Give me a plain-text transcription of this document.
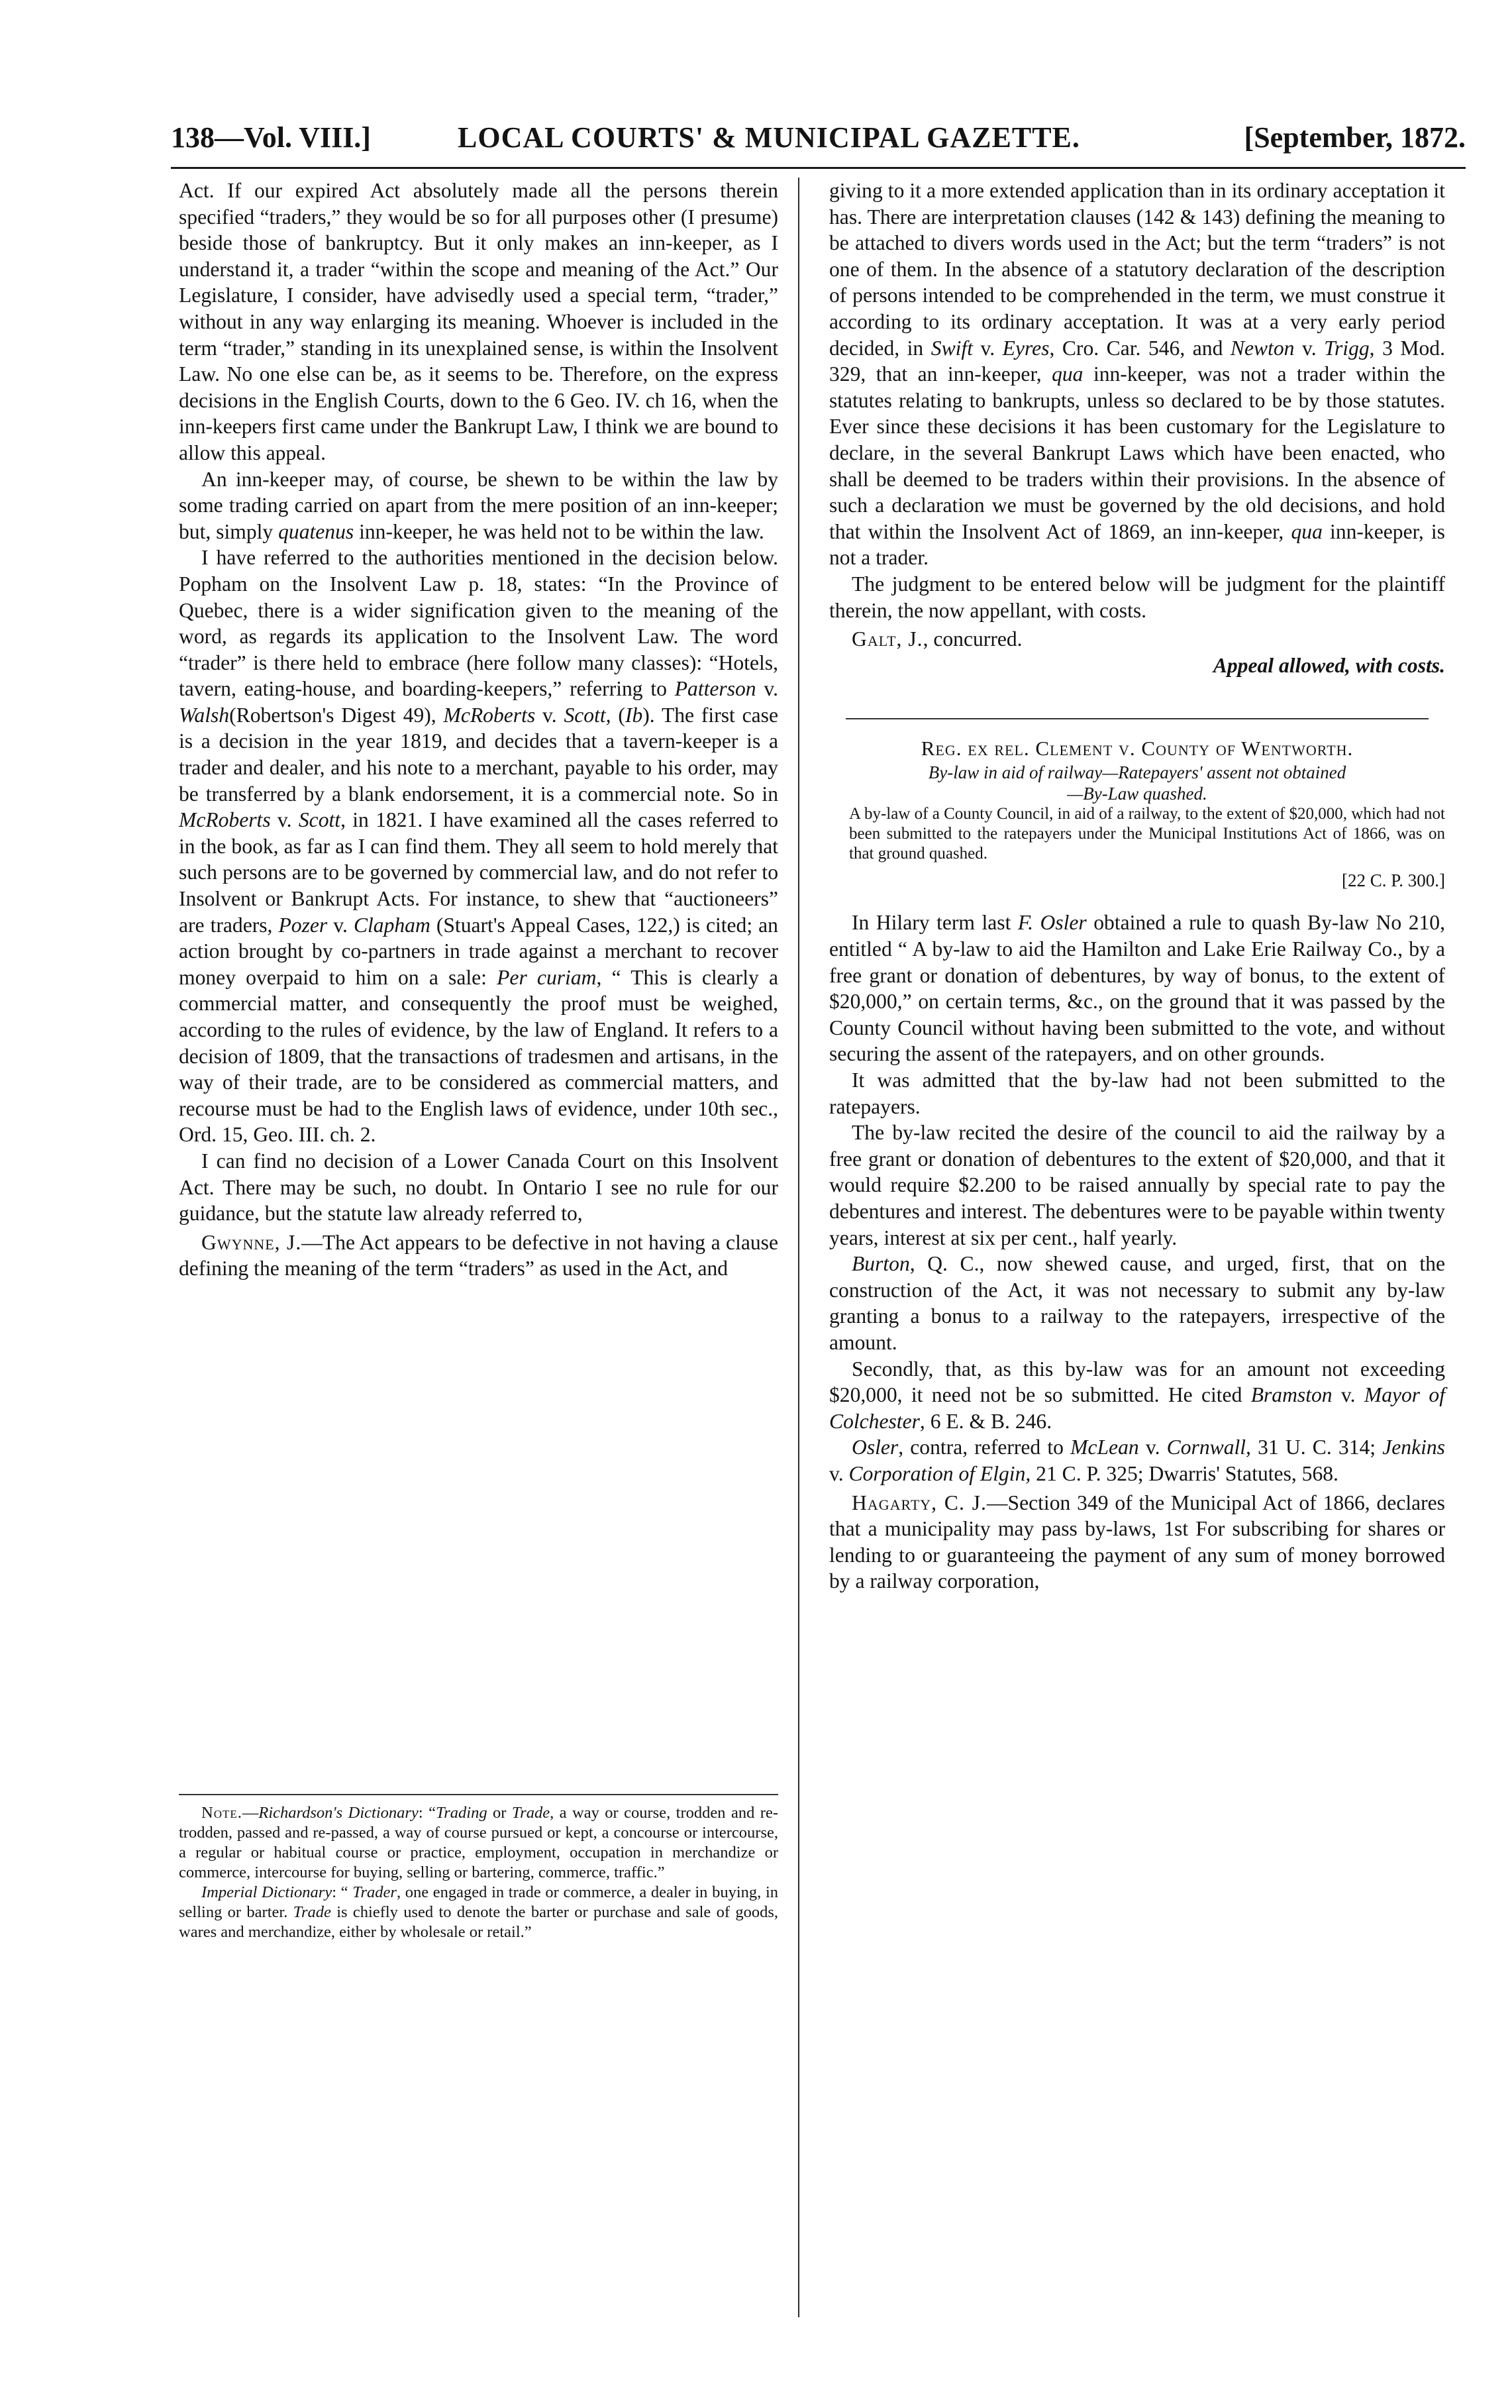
138—Vol. VIII.]	LOCAL COURTS' & MUNICIPAL GAZETTE.	[September, 1872.

Act. If our expired Act absolutely made all the persons therein specified “traders,” they would be so for all purposes other (I presume) beside those of bankruptcy. But it only makes an inn-keeper, as I understand it, a trader “within the scope and meaning of the Act.” Our Legislature, I consider, have advisedly used a special term, “trader,” without in any way enlarging its meaning. Whoever is included in the term “trader,” standing in its unexplained sense, is within the Insolvent Law. No one else can be, as it seems to be. Therefore, on the express decisions in the English Courts, down to the 6 Geo. IV. ch 16, when the inn-keepers first came under the Bankrupt Law, I think we are bound to allow this appeal.

An inn-keeper may, of course, be shewn to be within the law by some trading carried on apart from the mere position of an inn-keeper; but, simply quatenus inn-keeper, he was held not to be within the law.

I have referred to the authorities mentioned in the decision below. Popham on the Insolvent Law p. 18, states: “In the Province of Quebec, there is a wider signification given to the meaning of the word, as regards its application to the Insolvent Law. The word “trader” is there held to embrace (here follow many classes): “Hotels, tavern, eating-house, and boarding-keepers,” referring to Patterson v. Walsh(Robertson's Digest 49), McRoberts v. Scott, (Ib). The first case is a decision in the year 1819, and decides that a tavern-keeper is a trader and dealer, and his note to a merchant, payable to his order, may be transferred by a blank endorsement, it is a commercial note. So in McRoberts v. Scott, in 1821. I have examined all the cases referred to in the book, as far as I can find them. They all seem to hold merely that such persons are to be governed by commercial law, and do not refer to Insolvent or Bankrupt Acts. For instance, to shew that “auctioneers” are traders, Pozer v. Clapham (Stuart's Appeal Cases, 122,) is cited; an action brought by co-partners in trade against a merchant to recover money overpaid to him on a sale: Per curiam, “ This is clearly a commercial matter, and consequently the proof must be weighed, according to the rules of evidence, by the law of England. It refers to a decision of 1809, that the transactions of tradesmen and artisans, in the way of their trade, are to be considered as commercial matters, and recourse must be had to the English laws of evidence, under 10th sec., Ord. 15, Geo. III. ch. 2.

I can find no decision of a Lower Canada Court on this Insolvent Act. There may be such, no doubt. In Ontario I see no rule for our guidance, but the statute law already referred to,

Gwynne, J.—The Act appears to be defective in not having a clause defining the meaning of the term “traders” as used in the Act, and

Note.—Richardson's Dictionary: “Trading or Trade, a way or course, trodden and re-trodden, passed and re-passed, a way of course pursued or kept, a concourse or intercourse, a regular or habitual course or practice, employment, occupation in merchandize or commerce, intercourse for buying, selling or bartering, commerce, traffic.”

Imperial Dictionary: “ Trader, one engaged in trade or commerce, a dealer in buying, in selling or barter. Trade is chiefly used to denote the barter or purchase and sale of goods, wares and merchandize, either by wholesale or retail.”

giving to it a more extended application than in its ordinary acceptation it has. There are interpretation clauses (142 & 143) defining the meaning to be attached to divers words used in the Act; but the term “traders” is not one of them. In the absence of a statutory declaration of the description of persons intended to be comprehended in the term, we must construe it according to its ordinary acceptation. It was at a very early period decided, in Swift v. Eyres, Cro. Car. 546, and Newton v. Trigg, 3 Mod. 329, that an inn-keeper, qua inn-keeper, was not a trader within the statutes relating to bankrupts, unless so declared to be by those statutes. Ever since these decisions it has been customary for the Legislature to declare, in the several Bankrupt Laws which have been enacted, who shall be deemed to be traders within their provisions. In the absence of such a declaration we must be governed by the old decisions, and hold that within the Insolvent Act of 1869, an inn-keeper, qua inn-keeper, is not a trader.

The judgment to be entered below will be judgment for the plaintiff therein, the now appellant, with costs.

Galt, J., concurred.

Appeal allowed, with costs.

Reg. ex rel. Clement v. County of Wentworth.

By-law in aid of railway—Ratepayers' assent not obtained

—By-Law quashed.

A by-law of a County Council, in aid of a railway, to the extent of $20,000, which had not been submitted to the ratepayers under the Municipal Institutions Act of 1866, was on that ground quashed.

[22 C. P. 300.]

In Hilary term last F. Osler obtained a rule to quash By-law No 210, entitled “ A by-law to aid the Hamilton and Lake Erie Railway Co., by a free grant or donation of debentures, by way of bonus, to the extent of $20,000,” on certain terms, &c., on the ground that it was passed by the County Council without having been submitted to the vote, and without securing the assent of the ratepayers, and on other grounds.

It was admitted that the by-law had not been submitted to the ratepayers.

The by-law recited the desire of the council to aid the railway by a free grant or donation of debentures to the extent of $20,000, and that it would require $2.200 to be raised annually by special rate to pay the debentures and interest. The debentures were to be payable within twenty years, interest at six per cent., half yearly.

Burton, Q. C., now shewed cause, and urged, first, that on the construction of the Act, it was not necessary to submit any by-law granting a bonus to a railway to the ratepayers, irrespective of the amount.

Secondly, that, as this by-law was for an amount not exceeding $20,000, it need not be so submitted. He cited Bramston v. Mayor of Colchester, 6 E. & B. 246.

Osler, contra, referred to McLean v. Cornwall, 31 U. C. 314; Jenkins v. Corporation of Elgin, 21 C. P. 325; Dwarris' Statutes, 568.

Hagarty, C. J.—Section 349 of the Municipal Act of 1866, declares that a municipality may pass by-laws, 1st For subscribing for shares or lending to or guaranteeing the payment of any sum of money borrowed by a railway corporation,
